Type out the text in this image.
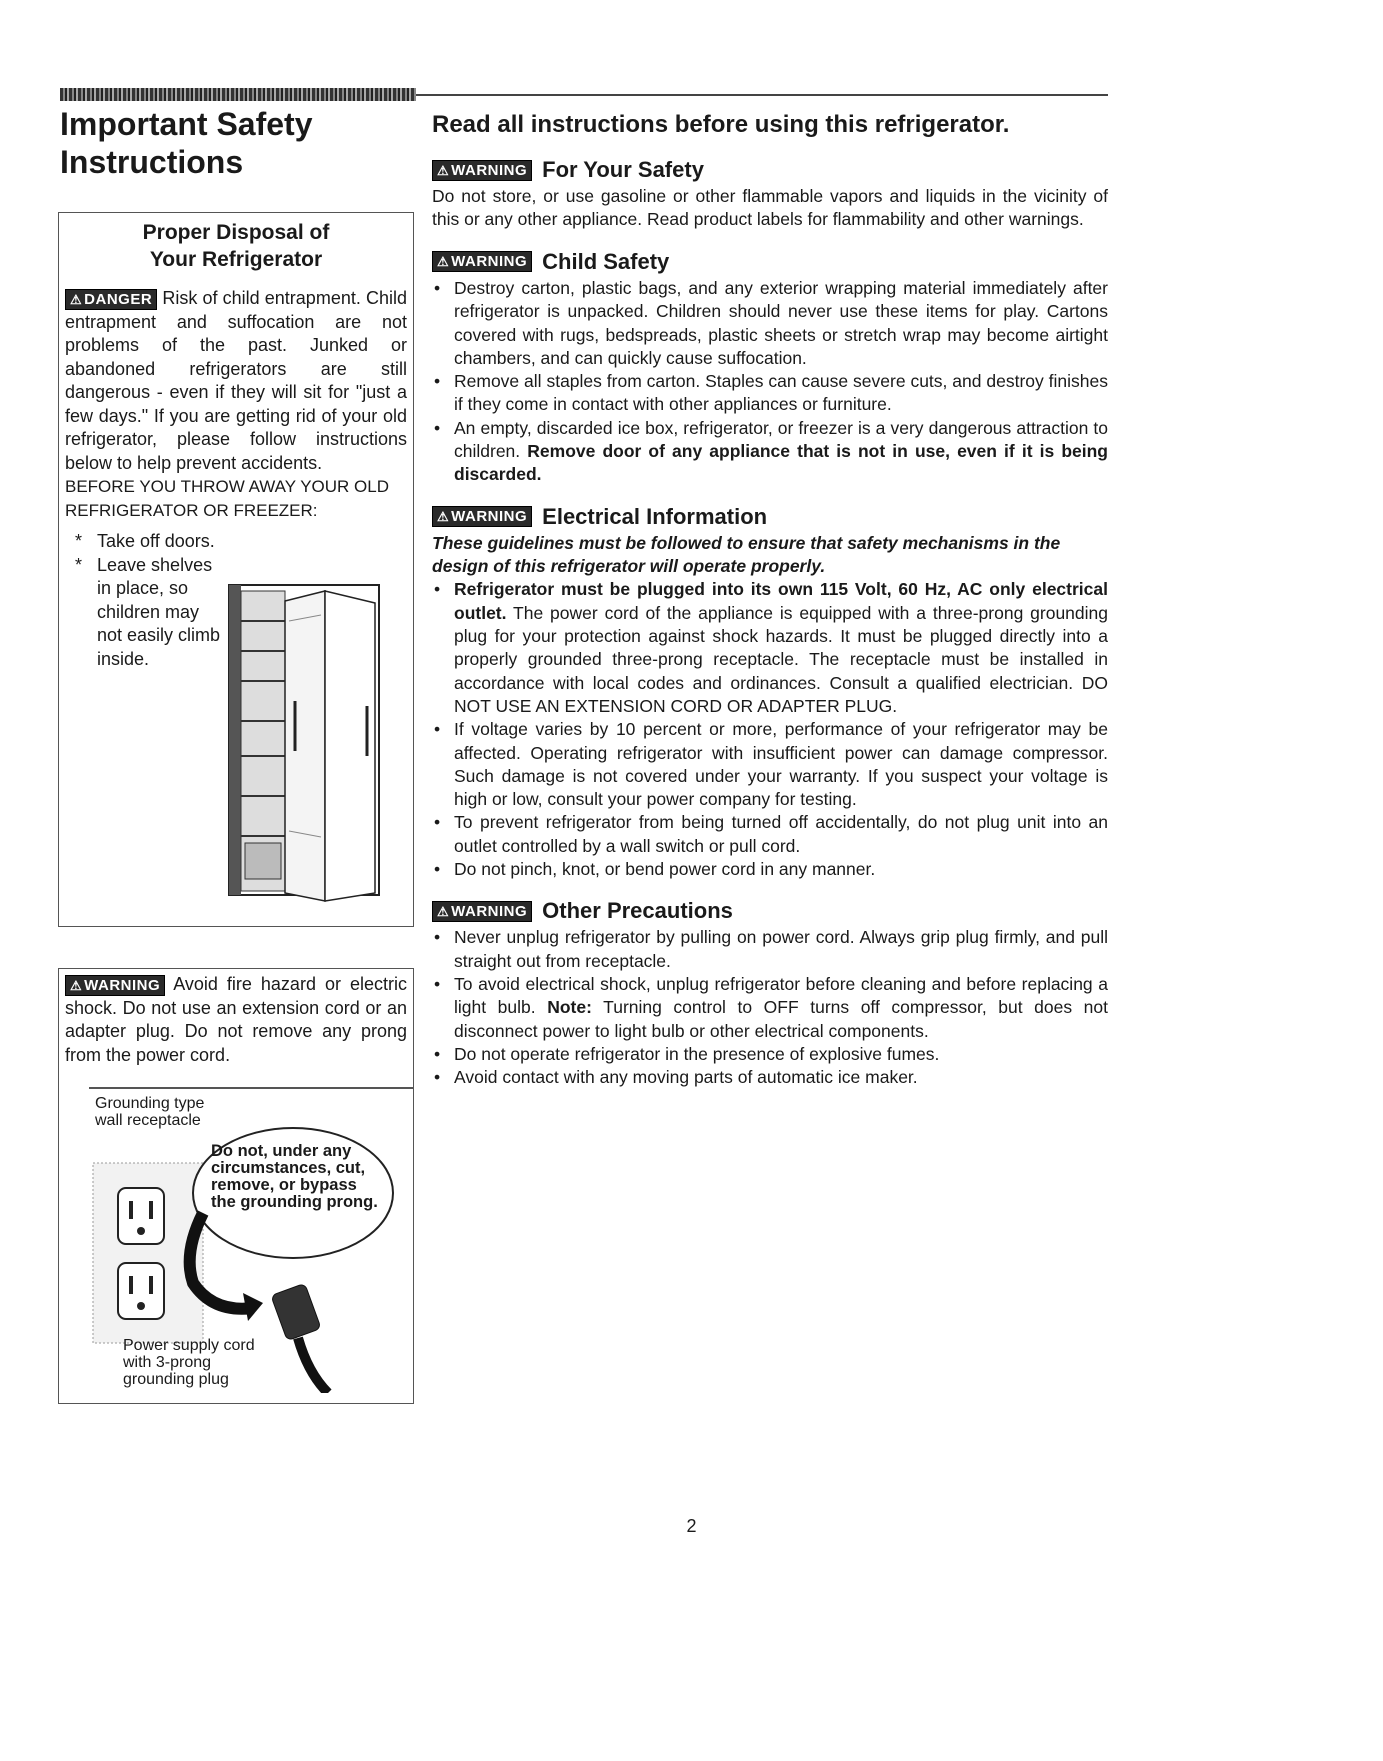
Important Safety
Instructions
Proper Disposal of
Your Refrigerator

⚠ DANGER Risk of child entrapment. Child entrapment and suffocation are not problems of the past. Junked or abandoned refrigerators are still dangerous - even if they will sit for "just a few days." If you are getting rid of your old refrigerator, please follow instructions below to help prevent accidents.

BEFORE YOU THROW AWAY YOUR OLD REFRIGERATOR OR FREEZER:

* Take off doors.
* Leave shelves in place, so children may not easily climb inside.

⚠ WARNING Avoid fire hazard or electric shock. Do not use an extension cord or an adapter plug. Do not remove any prong from the power cord.

Grounding type wall receptacle
Do not, under any circumstances, cut, remove, or bypass the grounding prong.
Power supply cord with 3-prong grounding plug
Read all instructions before using this refrigerator.
⚠ WARNING For Your Safety

Do not store, or use gasoline or other flammable vapors and liquids in the vicinity of this or any other appliance. Read product labels for flammability and other warnings.

⚠ WARNING Child Safety
• Destroy carton, plastic bags, and any exterior wrapping material immediately after refrigerator is unpacked. Children should never use these items for play. Cartons covered with rugs, bedspreads, plastic sheets or stretch wrap may become airtight chambers, and can quickly cause suffocation.
• Remove all staples from carton. Staples can cause severe cuts, and destroy finishes if they come in contact with other appliances or furniture.
• An empty, discarded ice box, refrigerator, or freezer is a very dangerous attraction to children. Remove door of any appliance that is not in use, even if it is being discarded.
⚠ WARNING Electrical Information

These guidelines must be followed to ensure that safety mechanisms in the design of this refrigerator will operate properly.

• Refrigerator must be plugged into its own 115 Volt, 60 Hz, AC only electrical outlet. The power cord of the appliance is equipped with a three-prong grounding plug for your protection against shock hazards. It must be plugged directly into a properly grounded three-prong receptacle. The receptacle must be installed in accordance with local codes and ordinances. Consult a qualified electrician. DO NOT USE AN EXTENSION CORD OR ADAPTER PLUG.
• If voltage varies by 10 percent or more, performance of your refrigerator may be affected. Operating refrigerator with insufficient power can damage compressor. Such damage is not covered under your warranty. If you suspect your voltage is high or low, consult your power company for testing.
• To prevent refrigerator from being turned off accidentally, do not plug unit into an outlet controlled by a wall switch or pull cord.
• Do not pinch, knot, or bend power cord in any manner.
⚠ WARNING Other Precautions
• Never unplug refrigerator by pulling on power cord. Always grip plug firmly, and pull straight out from receptacle.
• To avoid electrical shock, unplug refrigerator before cleaning and before replacing a light bulb. Note: Turning control to OFF turns off compressor, but does not disconnect power to light bulb or other electrical components.
• Do not operate refrigerator in the presence of explosive fumes.
• Avoid contact with any moving parts of automatic ice maker.
2
